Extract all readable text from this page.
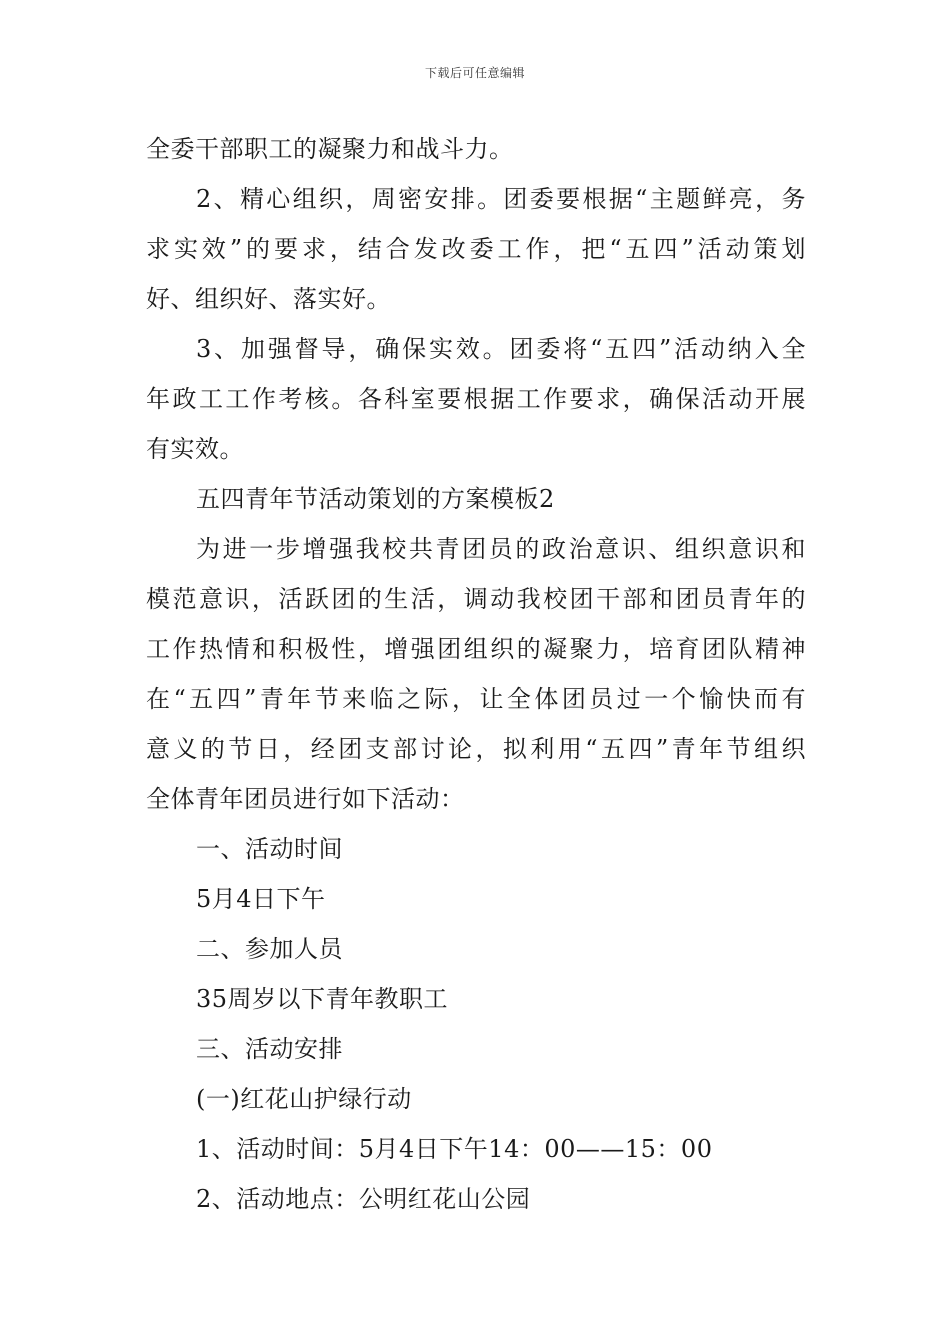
下载后可任意编辑
全委干部职工的凝聚力和战斗力。
2、精心组织，周密安排。团委要根据“主题鲜亮，务
求实效”的要求，结合发改委工作，把“五四”活动策划
好、组织好、落实好。
3、加强督导，确保实效。团委将“五四”活动纳入全
年政工工作考核。各科室要根据工作要求，确保活动开展
有实效。
五四青年节活动策划的方案模板2
为进一步增强我校共青团员的政治意识、组织意识和
模范意识，活跃团的生活，调动我校团干部和团员青年的
工作热情和积极性，增强团组织的凝聚力，培育团队精神
在“五四”青年节来临之际，让全体团员过一个愉快而有
意义的节日，经团支部讨论，拟利用“五四”青年节组织
全体青年团员进行如下活动：
一、活动时间
5月4日下午
二、参加人员
35周岁以下青年教职工
三、活动安排
(一)红花山护绿行动
1、活动时间：5月4日下午14：00——15：00
2、活动地点：公明红花山公园
